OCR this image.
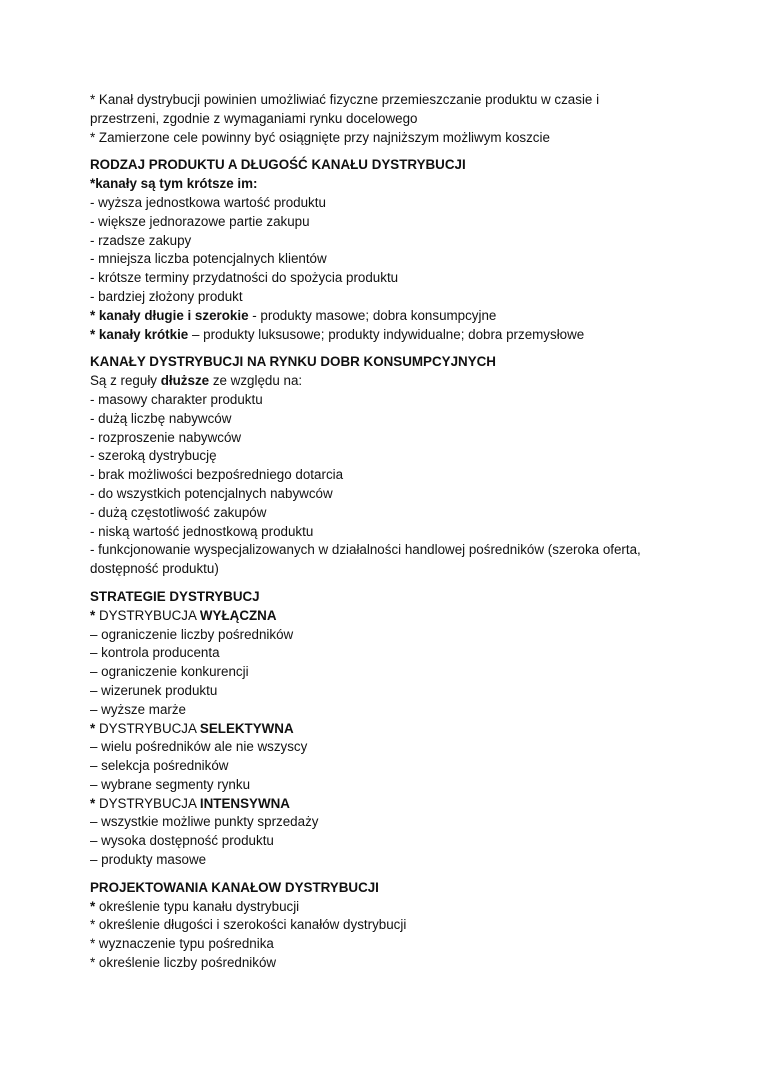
* Kanał dystrybucji powinien umożliwiać fizyczne przemieszczanie produktu w czasie i przestrzeni, zgodnie z wymaganiami rynku docelowego

* Zamierzone cele powinny być osiągnięte przy najniższym możliwym koszcie

RODZAJ PRODUKTU A DŁUGOŚĆ KANAŁU DYSTRYBUCJI

*kanały są tym krótsze im:

- wyższa jednostkowa wartość produktu

- większe jednorazowe partie zakupu

- rzadsze zakupy

- mniejsza liczba potencjalnych klientów

- krótsze terminy przydatności do spożycia produktu

- bardziej złożony produkt

* kanały długie i szerokie - produkty masowe; dobra konsumpcyjne

* kanały krótkie – produkty luksusowe; produkty indywidualne; dobra przemysłowe

KANAŁY DYSTRYBUCJI NA RYNKU DOBR KONSUMPCYJNYCH

Są z reguły dłuższe ze względu na:

- masowy charakter produktu

- dużą liczbę nabywców

- rozproszenie nabywców

- szeroką dystrybucję

- brak możliwości bezpośredniego dotarcia

- do wszystkich potencjalnych nabywców

- dużą częstotliwość zakupów

- niską wartość jednostkową produktu

- funkcjonowanie wyspecjalizowanych w działalności handlowej pośredników (szeroka oferta, dostępność produktu)

STRATEGIE DYSTRYBUCJ

* DYSTRYBUCJA WYŁĄCZNA

– ograniczenie liczby pośredników

– kontrola producenta

– ograniczenie konkurencji

– wizerunek produktu

– wyższe marże

* DYSTRYBUCJA SELEKTYWNA

– wielu pośredników ale nie wszyscy

– selekcja pośredników

– wybrane segmenty rynku

* DYSTRYBUCJA INTENSYWNA

– wszystkie możliwe punkty sprzedaży

– wysoka dostępność produktu

– produkty masowe

PROJEKTOWANIA KANAŁOW DYSTRYBUCJI

* określenie typu kanału dystrybucji

* określenie długości i szerokości kanałów dystrybucji

* wyznaczenie typu pośrednika

* określenie liczby pośredników
